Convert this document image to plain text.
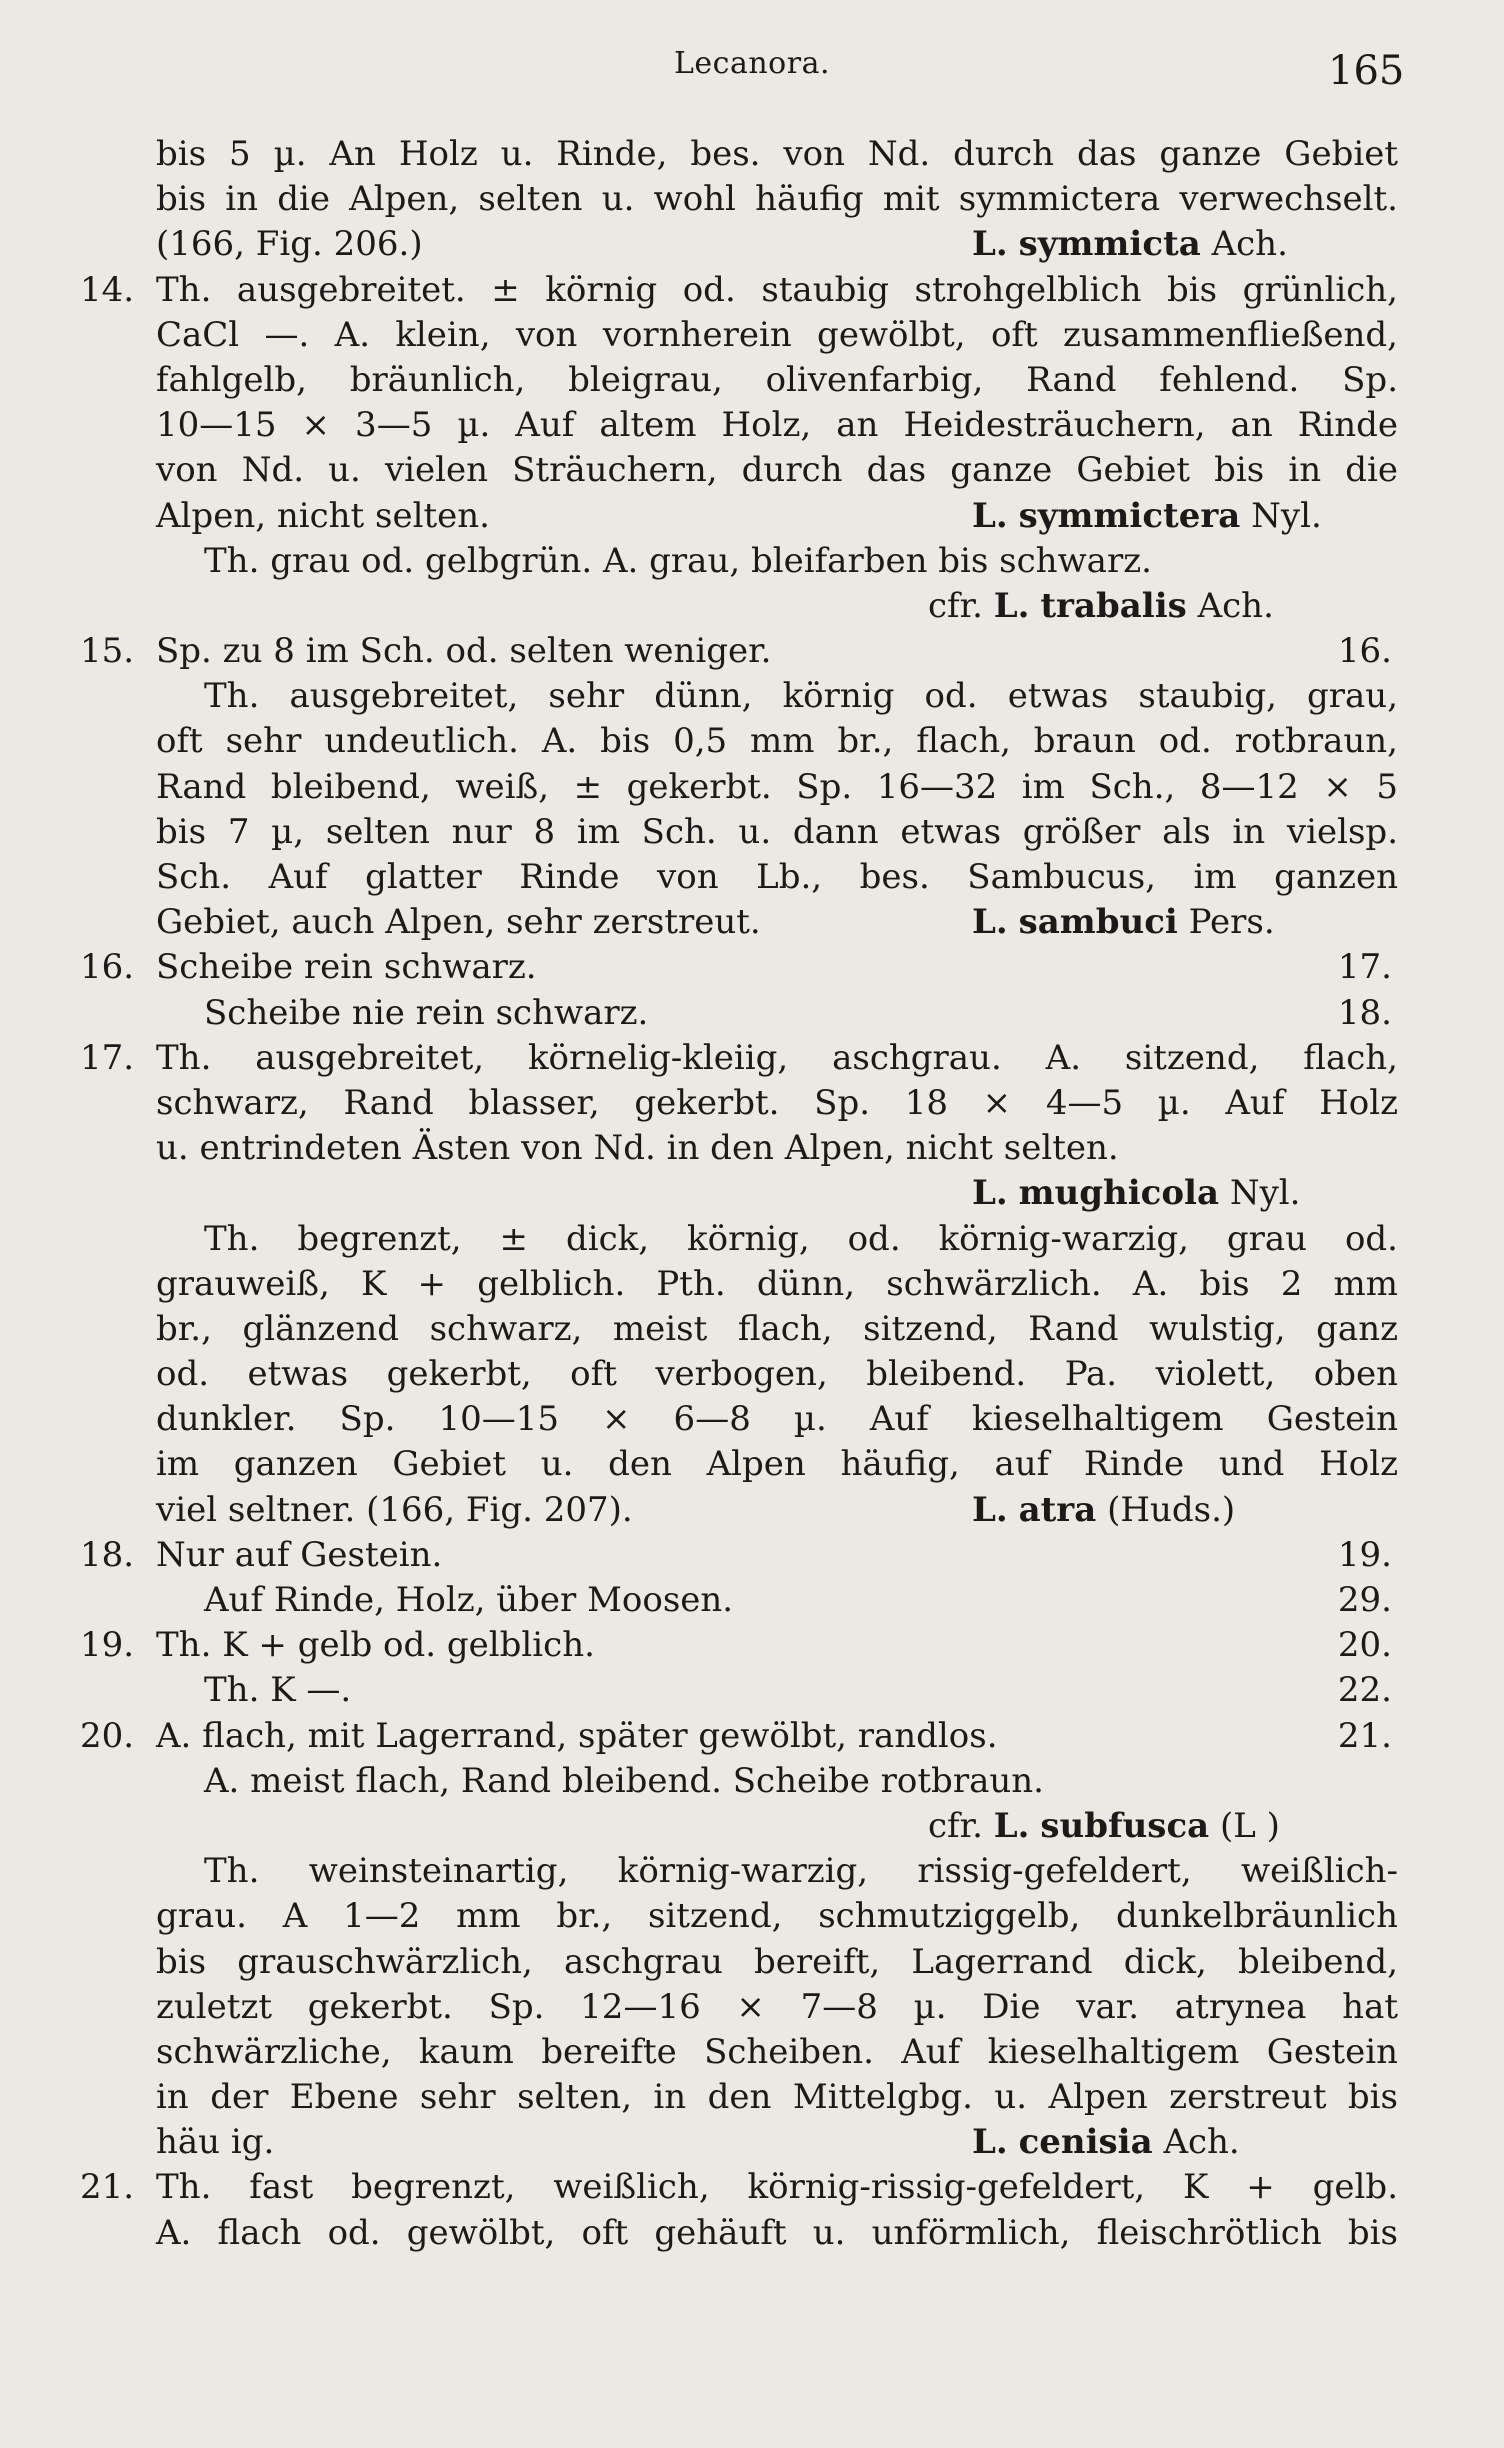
Lecanora.	165
bis 5 µ. An Holz u. Rinde, bes. von Nd. durch das ganze Gebiet
bis in die Alpen, selten u. wohl häufig mit symmictera verwechselt.
(166, Fig. 206.)	L. symmicta Ach.
14. Th. ausgebreitet. ± körnig od. staubig strohgelblich bis grünlich,
CaCl —. A. klein, von vornherein gewölbt, oft zusammenfließend,
fahlgelb, bräunlich, bleigrau, olivenfarbig, Rand fehlend. Sp.
10—15 × 3—5 µ. Auf altem Holz, an Heidesträuchern, an Rinde
von Nd. u. vielen Sträuchern, durch das ganze Gebiet bis in die
Alpen, nicht selten.	L. symmictera Nyl.
Th. grau od. gelbgrün. A. grau, bleifarben bis schwarz.
cfr. L. trabalis Ach.
15. Sp. zu 8 im Sch. od. selten weniger.	16.
Th. ausgebreitet, sehr dünn, körnig od. etwas staubig, grau,
oft sehr undeutlich. A. bis 0,5 mm br., flach, braun od. rotbraun,
Rand bleibend, weiß, ± gekerbt. Sp. 16—32 im Sch., 8—12 × 5
bis 7 µ, selten nur 8 im Sch. u. dann etwas größer als in vielsp.
Sch. Auf glatter Rinde von Lb., bes. Sambucus, im ganzen
Gebiet, auch Alpen, sehr zerstreut.	L. sambuci Pers.
16. Scheibe rein schwarz.	17.
Scheibe nie rein schwarz.	18.
17. Th. ausgebreitet, körnelig-kleiig, aschgrau. A. sitzend, flach,
schwarz, Rand blasser, gekerbt. Sp. 18 × 4—5 µ. Auf Holz
u. entrindeten Ästen von Nd. in den Alpen, nicht selten.
L. mughicola Nyl.
Th. begrenzt, ± dick, körnig, od. körnig-warzig, grau od.
grauweiß, K + gelblich. Pth. dünn, schwärzlich. A. bis 2 mm
br., glänzend schwarz, meist flach, sitzend, Rand wulstig, ganz
od. etwas gekerbt, oft verbogen, bleibend. Pa. violett, oben
dunkler. Sp. 10—15 × 6—8 µ. Auf kieselhaltigem Gestein
im ganzen Gebiet u. den Alpen häufig, auf Rinde und Holz
viel seltner. (166, Fig. 207).	L. atra (Huds.)
18. Nur auf Gestein.	19.
Auf Rinde, Holz, über Moosen.	29.
19. Th. K + gelb od. gelblich.	20.
Th. K —.	22.
20. A. flach, mit Lagerrand, später gewölbt, randlos.	21.
A. meist flach, Rand bleibend. Scheibe rotbraun.
cfr. L. subfusca (L )
Th. weinsteinartig, körnig-warzig, rissig-gefeldert, weißlich-
grau. A 1—2 mm br., sitzend, schmutziggelb, dunkelbräunlich
bis grauschwärzlich, aschgrau bereift, Lagerrand dick, bleibend,
zuletzt gekerbt. Sp. 12—16 × 7—8 µ. Die var. atrynea hat
schwärzliche, kaum bereifte Scheiben. Auf kieselhaltigem Gestein
in der Ebene sehr selten, in den Mittelgbg. u. Alpen zerstreut bis
häu ig.	L. cenisia Ach.
21. Th. fast begrenzt, weißlich, körnig-rissig-gefeldert, K + gelb.
A. flach od. gewölbt, oft gehäuft u. unförmlich, fleischrötlich bis
